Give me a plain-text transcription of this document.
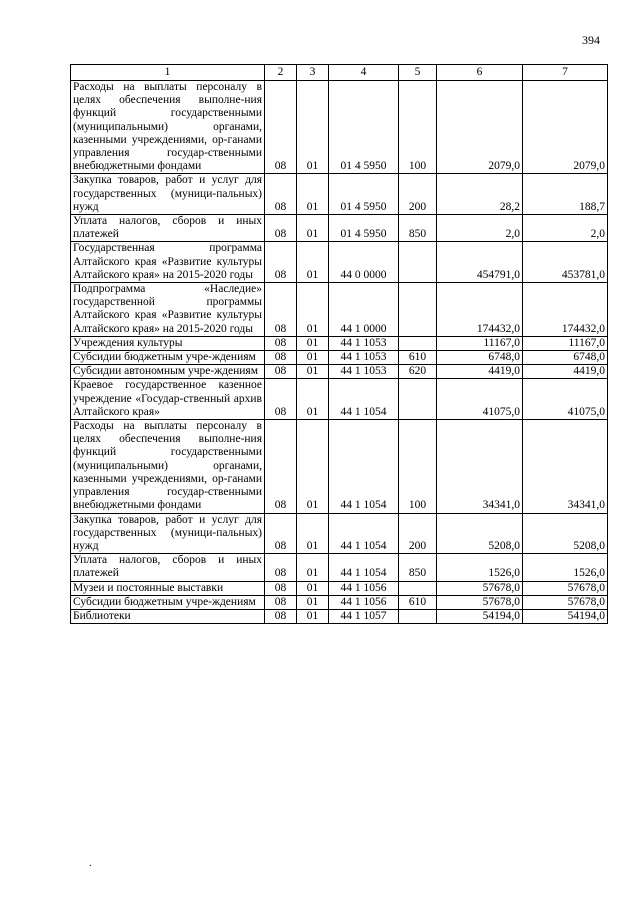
394
1	2	3	4	5	6	7
Расходы на выплаты персоналу в целях обеспечения выполне-ния функций государственными (муниципальными) органами, казенными учреждениями, ор-ганами управления государ-ственными внебюджетными фондами	08	01	01 4 5950	100	2079,0	2079,0
Закупка товаров, работ и услуг для государственных (муници-пальных) нужд	08	01	01 4 5950	200	28,2	188,7
Уплата налогов, сборов и иных платежей	08	01	01 4 5950	850	2,0	2,0
Государственная программа Алтайского края «Развитие культуры Алтайского края» на 2015-2020 годы	08	01	44 0 0000		454791,0	453781,0
Подпрограмма «Наследие» государственной программы Алтайского края «Развитие культуры Алтайского края» на 2015-2020 годы	08	01	44 1 0000		174432,0	174432,0
Учреждения культуры	08	01	44 1 1053		11167,0	11167,0
Субсидии бюджетным учре-ждениям	08	01	44 1 1053	610	6748,0	6748,0
Субсидии автономным учре-ждениям	08	01	44 1 1053	620	4419,0	4419,0
Краевое государственное казенное учреждение «Государ-ственный архив Алтайского края»	08	01	44 1 1054		41075,0	41075,0
Расходы на выплаты персоналу в целях обеспечения выполне-ния функций государственными (муниципальными) органами, казенными учреждениями, ор-ганами управления государ-ственными внебюджетными фондами	08	01	44 1 1054	100	34341,0	34341,0
Закупка товаров, работ и услуг для государственных (муници-пальных) нужд	08	01	44 1 1054	200	5208,0	5208,0
Уплата налогов, сборов и иных платежей	08	01	44 1 1054	850	1526,0	1526,0
Музеи и постоянные выставки	08	01	44 1 1056		57678,0	57678,0
Субсидии бюджетным учре-ждениям	08	01	44 1 1056	610	57678,0	57678,0
Библиотеки	08	01	44 1 1057		54194,0	54194,0
.
